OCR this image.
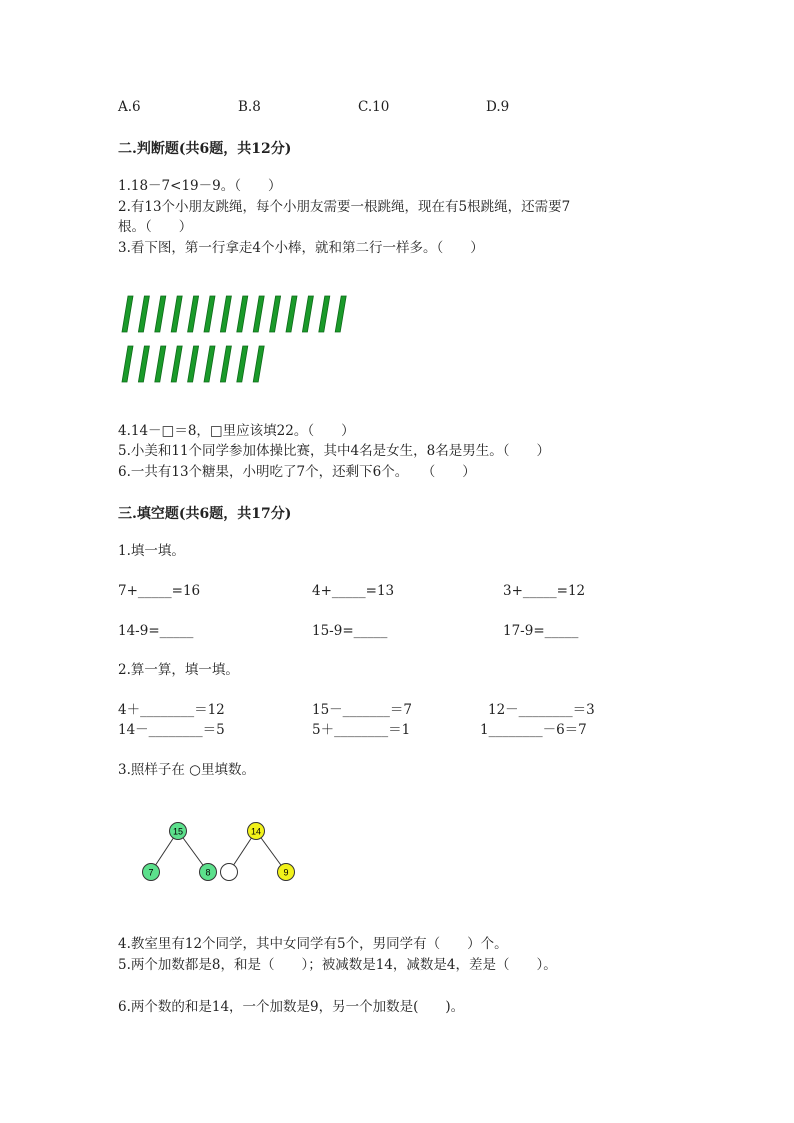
A.6	B.8	C.10	D.9
二.判断题(共6题，共12分)
1.18－7<19－9。（　　）
2.有13个小朋友跳绳，每个小朋友需要一根跳绳，现在有5根跳绳，还需要7
根。（　　）
3.看下图，第一行拿走4个小棒，就和第二行一样多。（　　）
4.14－□＝8，□里应该填22。（　　）
5.小美和11个同学参加体操比赛，其中4名是女生，8名是男生。（　　）
6.一共有13个糖果，小明吃了7个，还剩下6个。　　（　　）
三.填空题(共6题，共17分)
1.填一填。
7+_____=16	4+_____=13	3+_____=12
14-9=_____	15-9=_____	17-9=_____
2.算一算，填一填。
4＋________＝12	15－_______＝7	12－________＝3
14－________＝5	5＋________＝1	1________－6＝7
3.照样子在 ○里填数。
15
7	8
14
9
4.教室里有12个同学，其中女同学有5个，男同学有（　　）个。
5.两个加数都是8，和是（　　）；被减数是14，减数是4，差是（　　）。
6.两个数的和是14，一个加数是9，另一个加数是(　　)。
